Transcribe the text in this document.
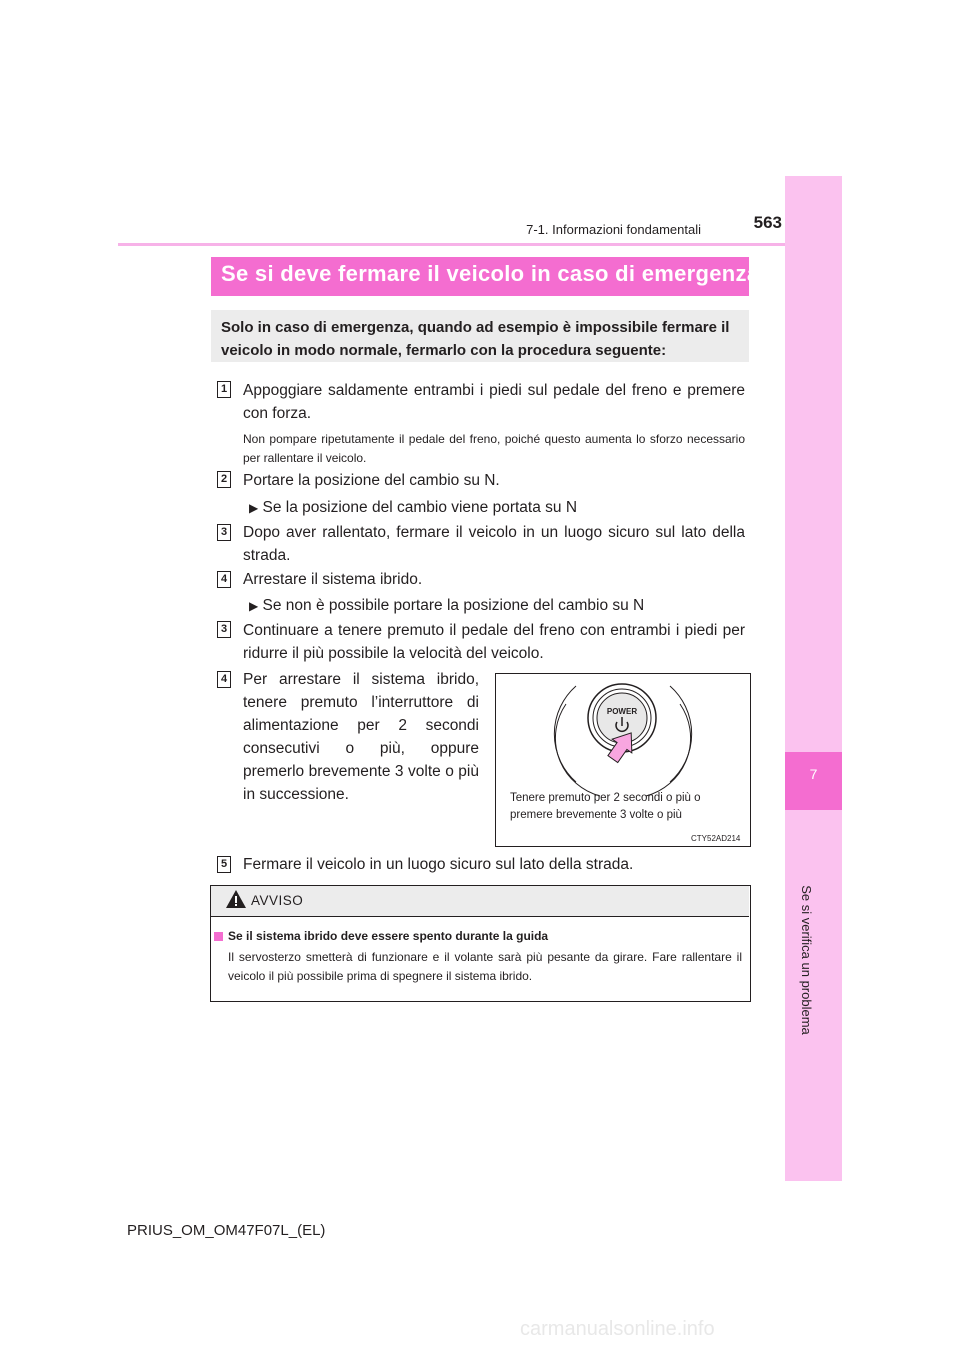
7
Se si verifica un problema
7-1. Informazioni fondamentali	563
Se si deve fermare il veicolo in caso di emergenza
Solo in caso di emergenza, quando ad esempio è impossibile fermare il veicolo in modo normale, fermarlo con la procedura seguente:
1 Appoggiare saldamente entrambi i piedi sul pedale del freno e premere con forza.
Non pompare ripetutamente il pedale del freno, poiché questo aumenta lo sforzo necessario per rallentare il veicolo.
2 Portare la posizione del cambio su N.
▶ Se la posizione del cambio viene portata su N
3 Dopo aver rallentato, fermare il veicolo in un luogo sicuro sul lato della strada.
4 Arrestare il sistema ibrido.
▶ Se non è possibile portare la posizione del cambio su N
3 Continuare a tenere premuto il pedale del freno con entrambi i piedi per ridurre il più possibile la velocità del veicolo.
4 Per arrestare il sistema ibrido, tenere premuto l’interruttore di alimentazione per 2 secondi consecutivi o più, oppure premerlo brevemente 3 volte o più in successione.
POWER
Tenere premuto per 2 secondi o più o premere brevemente 3 volte o più
CTY52AD214
5 Fermare il veicolo in un luogo sicuro sul lato della strada.
AVVISO
Se il sistema ibrido deve essere spento durante la guida
Il servosterzo smetterà di funzionare e il volante sarà più pesante da girare. Fare rallentare il veicolo il più possibile prima di spegnere il sistema ibrido.
PRIUS_OM_OM47F07L_(EL)
carmanualsonline.info
